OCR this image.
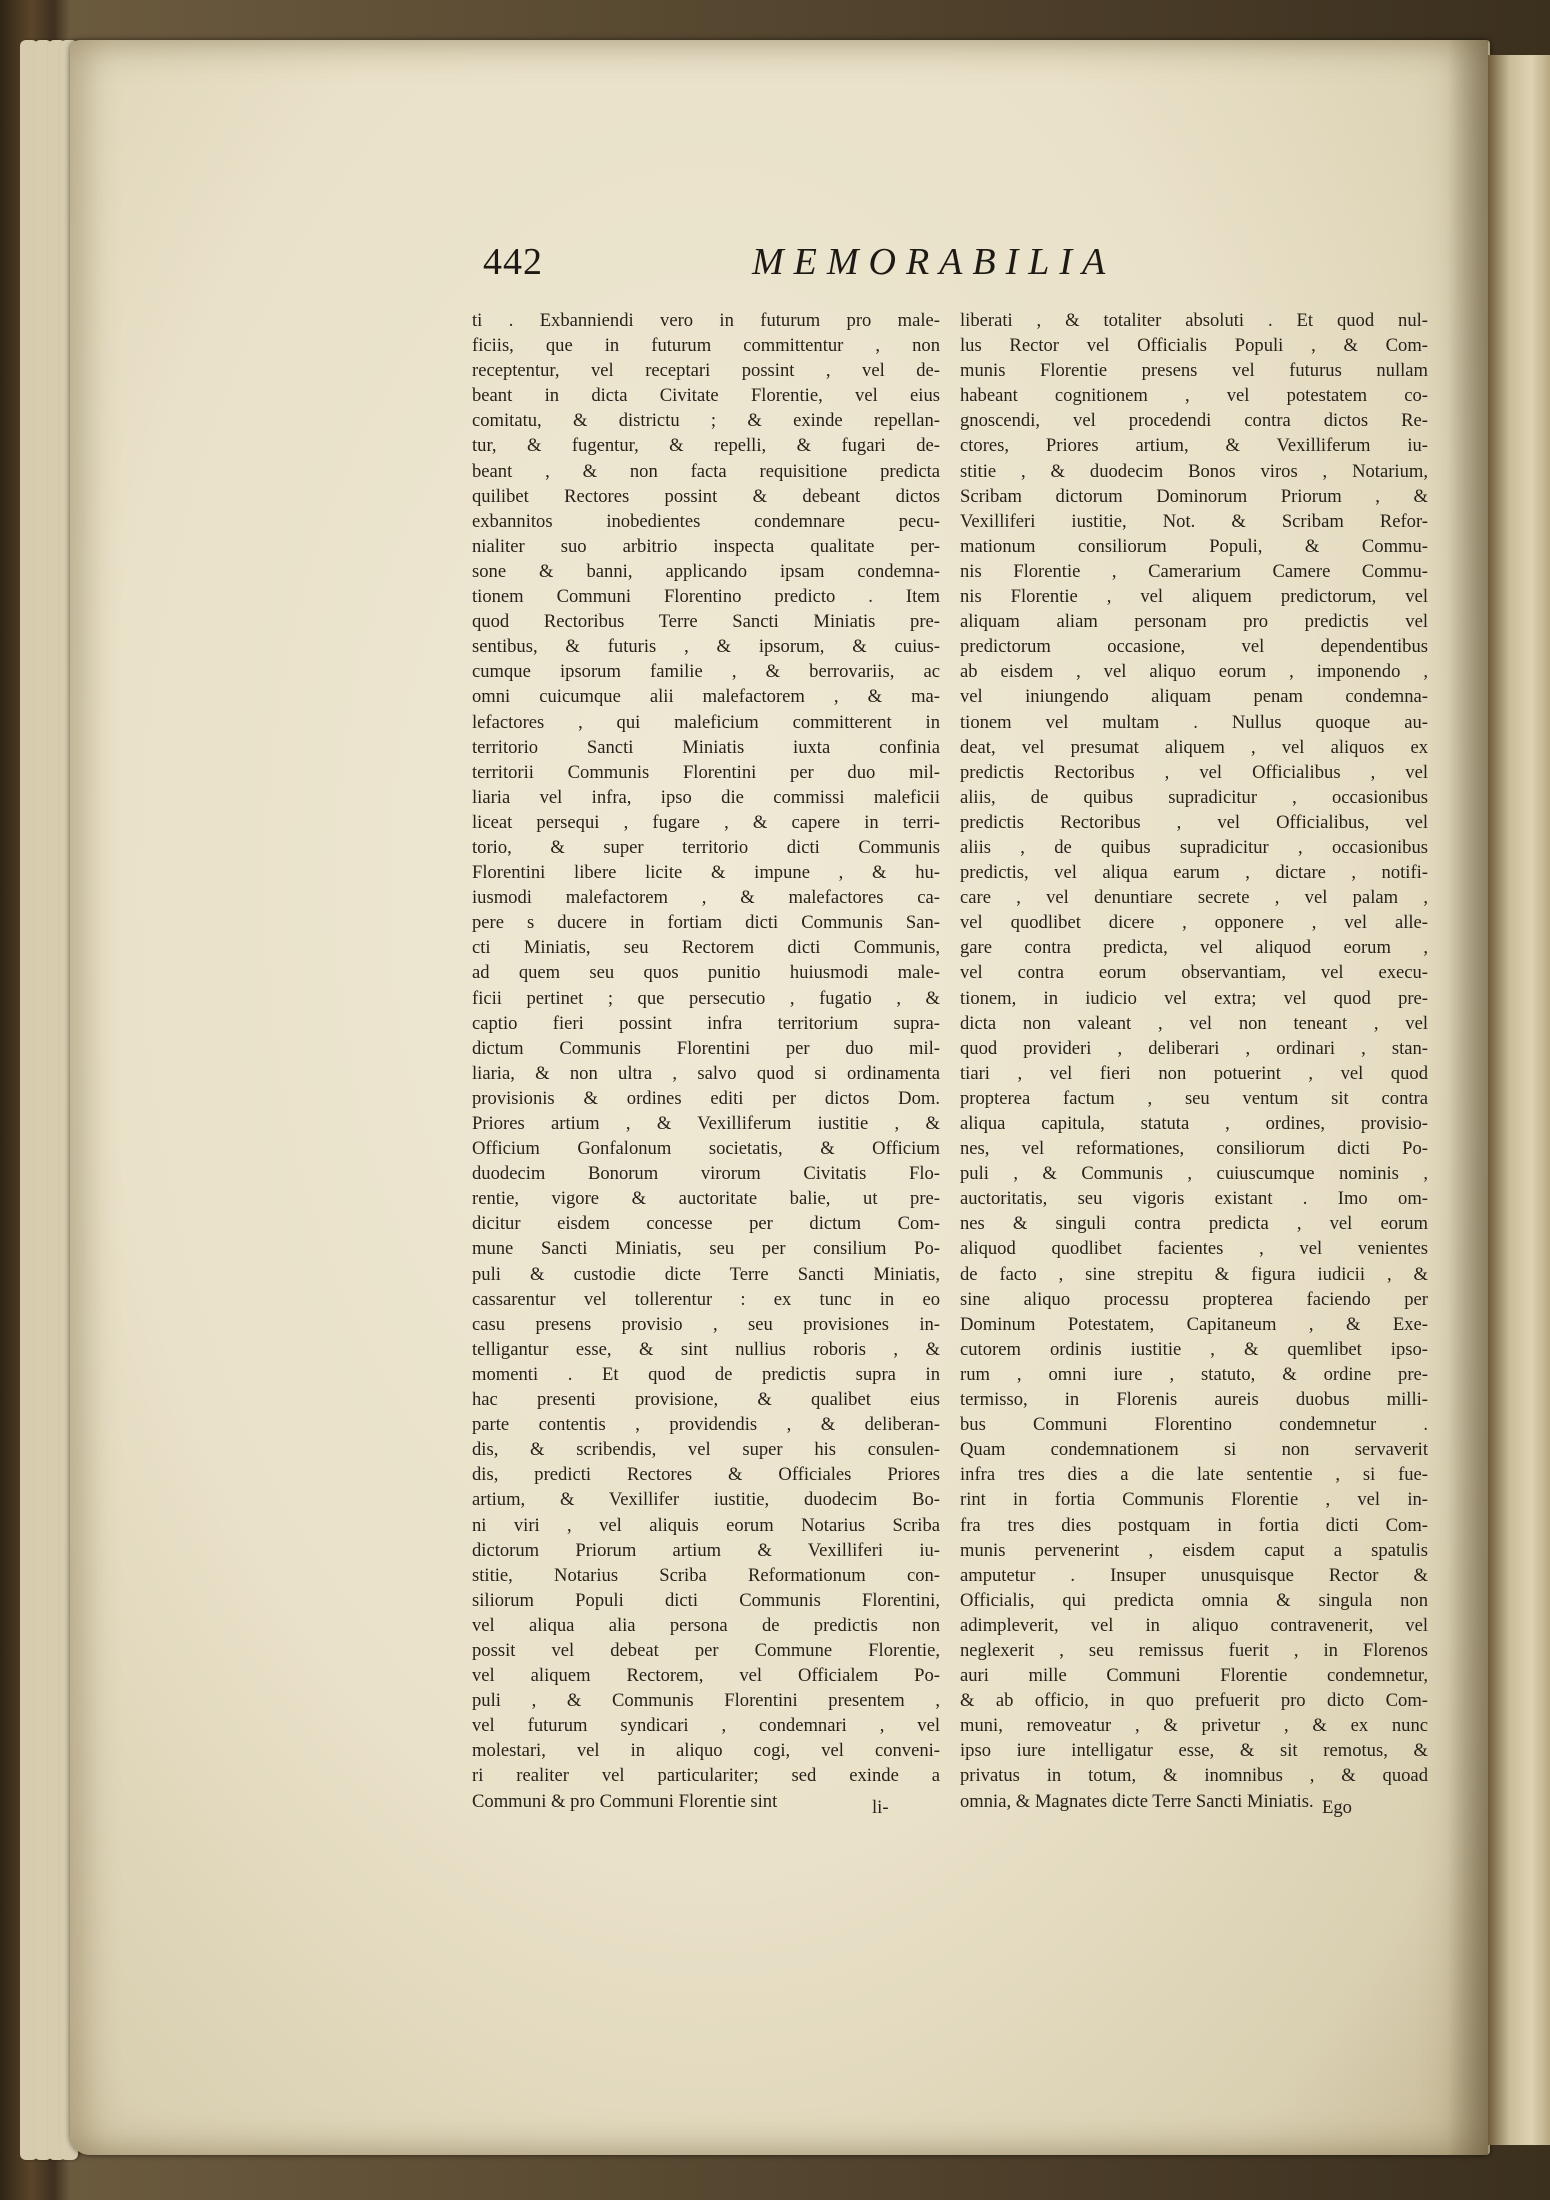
442	MEMORABILIA
ti . Exbanniendi vero in futurum pro male-
ficiis, que in futurum committentur , non
receptentur, vel receptari possint , vel de-
beant in dicta Civitate Florentie, vel eius
comitatu, & districtu ; & exinde repellan-
tur, & fugentur, & repelli, & fugari de-
beant , & non facta requisitione predicta
quilibet Rectores possint & debeant dictos
exbannitos inobedientes condemnare pecu-
nialiter suo arbitrio inspecta qualitate per-
sone & banni, applicando ipsam condemna-
tionem Communi Florentino predicto . Item
quod Rectoribus Terre Sancti Miniatis pre-
sentibus, & futuris , & ipsorum, & cuius-
cumque ipsorum familie , & berrovariis, ac
omni cuicumque alii malefactorem , & ma-
lefactores , qui maleficium committerent in
territorio Sancti Miniatis iuxta confinia
territorii Communis Florentini per duo mil-
liaria vel infra, ipso die commissi maleficii
liceat persequi , fugare , & capere in terri-
torio, & super territorio dicti Communis
Florentini libere licite & impune , & hu-
iusmodi malefactorem , & malefactores ca-
pere s ducere in fortiam dicti Communis San-
cti Miniatis, seu Rectorem dicti Communis,
ad quem seu quos punitio huiusmodi male-
ficii pertinet ; que persecutio , fugatio , &
captio fieri possint infra territorium supra-
dictum Communis Florentini per duo mil-
liaria, & non ultra , salvo quod si ordinamenta
provisionis & ordines editi per dictos Dom.
Priores artium , & Vexilliferum iustitie , &
Officium Gonfalonum societatis, & Officium
duodecim Bonorum virorum Civitatis Flo-
rentie, vigore & auctoritate balie, ut pre-
dicitur eisdem concesse per dictum Com-
mune Sancti Miniatis, seu per consilium Po-
puli & custodie dicte Terre Sancti Miniatis,
cassarentur vel tollerentur : ex tunc in eo
casu presens provisio , seu provisiones in-
telligantur esse, & sint nullius roboris , &
momenti . Et quod de predictis supra in
hac presenti provisione, & qualibet eius
parte contentis , providendis , & deliberan-
dis, & scribendis, vel super his consulen-
dis, predicti Rectores & Officiales Priores
artium, & Vexillifer iustitie, duodecim Bo-
ni viri , vel aliquis eorum Notarius Scriba
dictorum Priorum artium & Vexilliferi iu-
stitie, Notarius Scriba Reformationum con-
siliorum Populi dicti Communis Florentini,
vel aliqua alia persona de predictis non
possit vel debeat per Commune Florentie,
vel aliquem Rectorem, vel Officialem Po-
puli , & Communis Florentini presentem ,
vel futurum syndicari , condemnari , vel
molestari, vel in aliquo cogi, vel conveni-
ri realiter vel particulariter; sed exinde a
Communi & pro Communi Florentie sint
liberati , & totaliter absoluti . Et quod nul-
lus Rector vel Officialis Populi , & Com-
munis Florentie presens vel futurus nullam
habeant cognitionem , vel potestatem co-
gnoscendi, vel procedendi contra dictos Re-
ctores, Priores artium, & Vexilliferum iu-
stitie , & duodecim Bonos viros , Notarium,
Scribam dictorum Dominorum Priorum , &
Vexilliferi iustitie, Not. & Scribam Refor-
mationum consiliorum Populi, & Commu-
nis Florentie , Camerarium Camere Commu-
nis Florentie , vel aliquem predictorum, vel
aliquam aliam personam pro predictis vel
predictorum occasione, vel dependentibus
ab eisdem , vel aliquo eorum , imponendo ,
vel iniungendo aliquam penam condemna-
tionem vel multam . Nullus quoque au-
deat, vel presumat aliquem , vel aliquos ex
predictis Rectoribus , vel Officialibus , vel
aliis, de quibus supradicitur , occasionibus
predictis Rectoribus , vel Officialibus, vel
aliis , de quibus supradicitur , occasionibus
predictis, vel aliqua earum , dictare , notifi-
care , vel denuntiare secrete , vel palam ,
vel quodlibet dicere , opponere , vel alle-
gare contra predicta, vel aliquod eorum ,
vel contra eorum observantiam, vel execu-
tionem, in iudicio vel extra; vel quod pre-
dicta non valeant , vel non teneant , vel
quod provideri , deliberari , ordinari , stan-
tiari , vel fieri non potuerint , vel quod
propterea factum , seu ventum sit contra
aliqua capitula, statuta , ordines, provisio-
nes, vel reformationes, consiliorum dicti Po-
puli , & Communis , cuiuscumque nominis ,
auctoritatis, seu vigoris existant . Imo om-
nes & singuli contra predicta , vel eorum
aliquod quodlibet facientes , vel venientes
de facto , sine strepitu & figura iudicii , &
sine aliquo processu propterea faciendo per
Dominum Potestatem, Capitaneum , & Exe-
cutorem ordinis iustitie , & quemlibet ipso-
rum , omni iure , statuto, & ordine pre-
termisso, in Florenis aureis duobus milli-
bus Communi Florentino condemnetur .
Quam condemnationem si non servaverit
infra tres dies a die late sententie , si fue-
rint in fortia Communis Florentie , vel in-
fra tres dies postquam in fortia dicti Com-
munis pervenerint , eisdem caput a spatulis
amputetur . Insuper unusquisque Rector &
Officialis, qui predicta omnia & singula non
adimpleverit, vel in aliquo contravenerit, vel
neglexerit , seu remissus fuerit , in Florenos
auri mille Communi Florentie condemnetur,
& ab officio, in quo prefuerit pro dicto Com-
muni, removeatur , & privetur , & ex nunc
ipso iure intelligatur esse, & sit remotus, &
privatus in totum, & inomnibus , & quoad
omnia, & Magnates dicte Terre Sancti Miniatis.
li-	Ego
